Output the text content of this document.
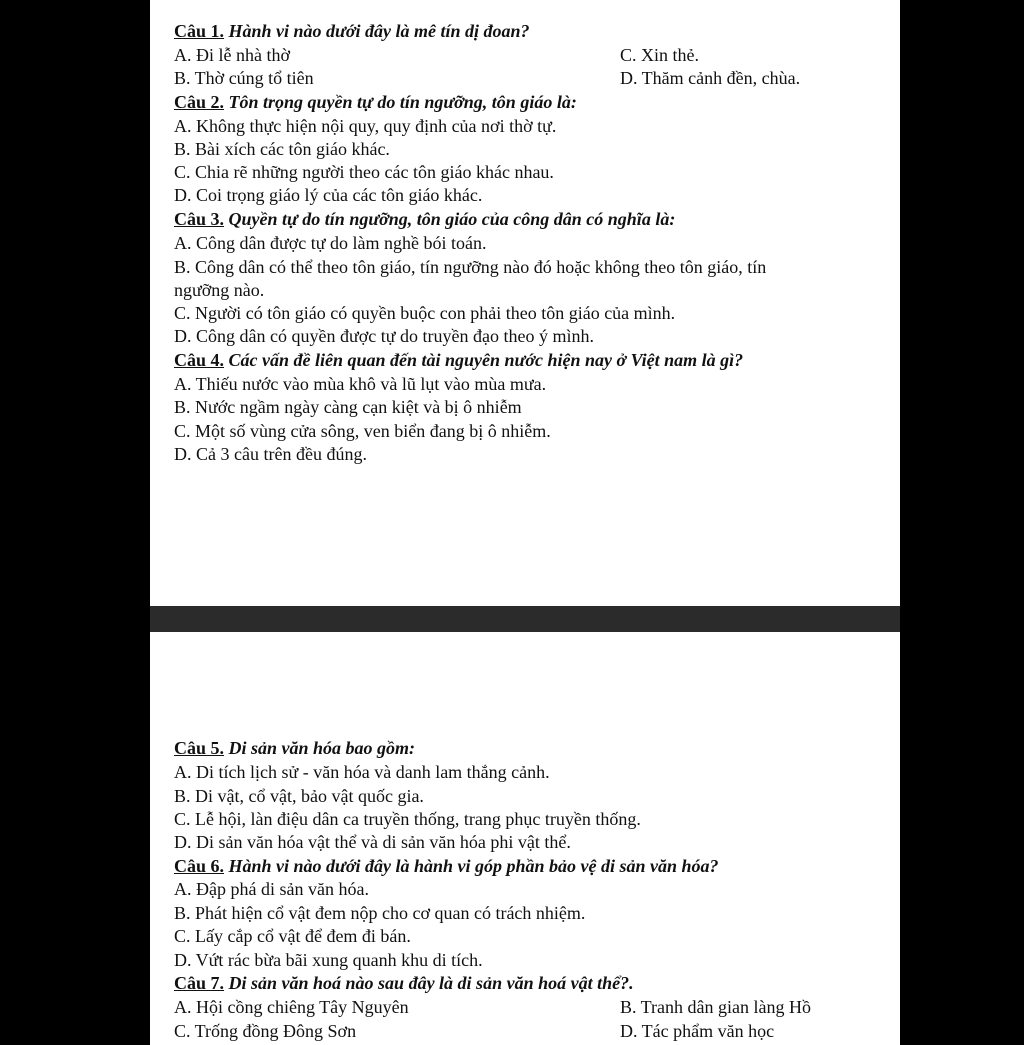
Câu 1. Hành vi nào dưới đây là mê tín dị đoan?
A. Đi lễ nhà thờ	C. Xin thẻ.
B. Thờ cúng tổ tiên	D. Thăm cảnh đền, chùa.
Câu 2. Tôn trọng quyền tự do tín ngưỡng, tôn giáo là:
A. Không thực hiện nội quy, quy định của nơi thờ tự.
B. Bài xích các tôn giáo khác.
C. Chia rẽ những người theo các tôn giáo khác nhau.
D. Coi trọng giáo lý của các tôn giáo khác.
Câu 3. Quyền tự do tín ngưỡng, tôn giáo của công dân có nghĩa là:
A. Công dân được tự do làm nghề bói toán.
B. Công dân có thể theo tôn giáo, tín ngưỡng nào đó hoặc không theo tôn giáo, tín
ngưỡng nào.
C. Người có tôn giáo có quyền buộc con phải theo tôn giáo của mình.
D. Công dân có quyền được tự do truyền đạo theo ý mình.
Câu 4. Các vấn đề liên quan đến tài nguyên nước hiện nay ở Việt nam là gì?
A. Thiếu nước vào mùa khô và lũ lụt vào mùa mưa.
B. Nước ngầm ngày càng cạn kiệt và bị ô nhiễm
C. Một số vùng cửa sông, ven biển đang bị ô nhiễm.
D. Cả 3 câu trên đều đúng.
Câu 5. Di sản văn hóa bao gồm:
A. Di tích lịch sử - văn hóa và danh lam thắng cảnh.
B. Di vật, cổ vật, bảo vật quốc gia.
C. Lễ hội, làn điệu dân ca truyền thống, trang phục truyền thống.
D. Di sản văn hóa vật thể và di sản văn hóa phi vật thể.
Câu 6. Hành vi nào dưới đây là hành vi góp phần bảo vệ di sản văn hóa?
A. Đập phá di sản văn hóa.
B. Phát hiện cổ vật đem nộp cho cơ quan có trách nhiệm.
C. Lấy cắp cổ vật để đem đi bán.
D. Vứt rác bừa bãi xung quanh khu di tích.
Câu 7. Di sản văn hoá nào sau đây là di sản văn hoá vật thể?.
A. Hội cồng chiêng Tây Nguyên	B. Tranh dân gian làng Hồ
C. Trống đồng Đông Sơn	D. Tác phẩm văn học
